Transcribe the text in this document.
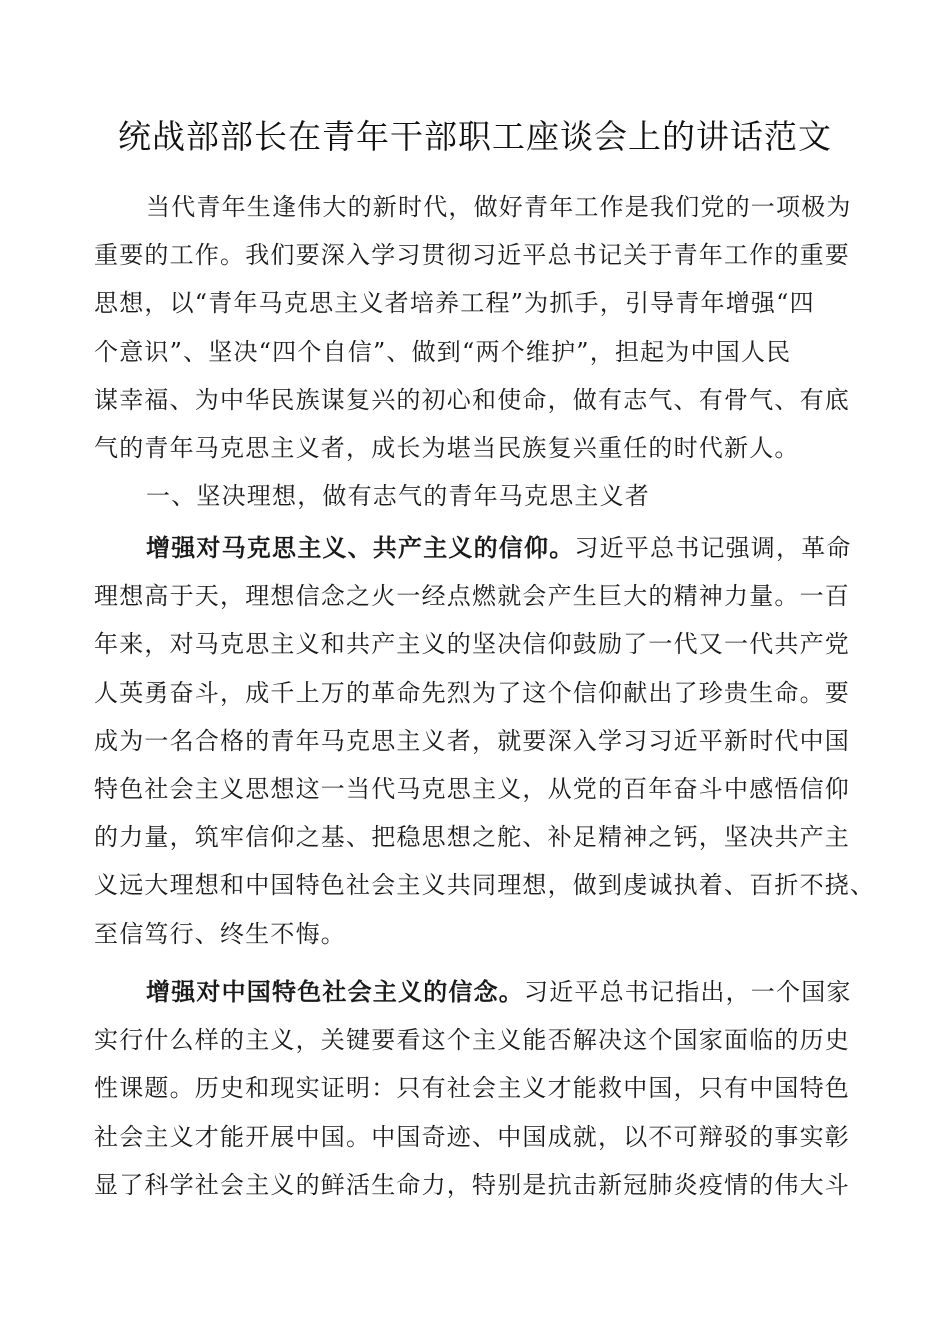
统战部部长在青年干部职工座谈会上的讲话范文
当代青年生逢伟大的新时代，做好青年工作是我们党的一项极为
重要的工作。我们要深入学习贯彻习近平总书记关于青年工作的重要
思想，以“青年马克思主义者培养工程”为抓手，引导青年增强“四
个意识”、坚决“四个自信”、做到“两个维护”，担起为中国人民
谋幸福、为中华民族谋复兴的初心和使命，做有志气、有骨气、有底
气的青年马克思主义者，成长为堪当民族复兴重任的时代新人。
一、坚决理想，做有志气的青年马克思主义者
增强对马克思主义、共产主义的信仰。习近平总书记强调，革命
理想高于天，理想信念之火一经点燃就会产生巨大的精神力量。一百
年来，对马克思主义和共产主义的坚决信仰鼓励了一代又一代共产党
人英勇奋斗，成千上万的革命先烈为了这个信仰献出了珍贵生命。要
成为一名合格的青年马克思主义者，就要深入学习习近平新时代中国
特色社会主义思想这一当代马克思主义，从党的百年奋斗中感悟信仰
的力量，筑牢信仰之基、把稳思想之舵、补足精神之钙，坚决共产主
义远大理想和中国特色社会主义共同理想，做到虔诚执着、百折不挠、
至信笃行、终生不悔。
增强对中国特色社会主义的信念。习近平总书记指出，一个国家
实行什么样的主义，关键要看这个主义能否解决这个国家面临的历史
性课题。历史和现实证明：只有社会主义才能救中国，只有中国特色
社会主义才能开展中国。中国奇迹、中国成就，以不可辩驳的事实彰
显了科学社会主义的鲜活生命力，特别是抗击新冠肺炎疫情的伟大斗
